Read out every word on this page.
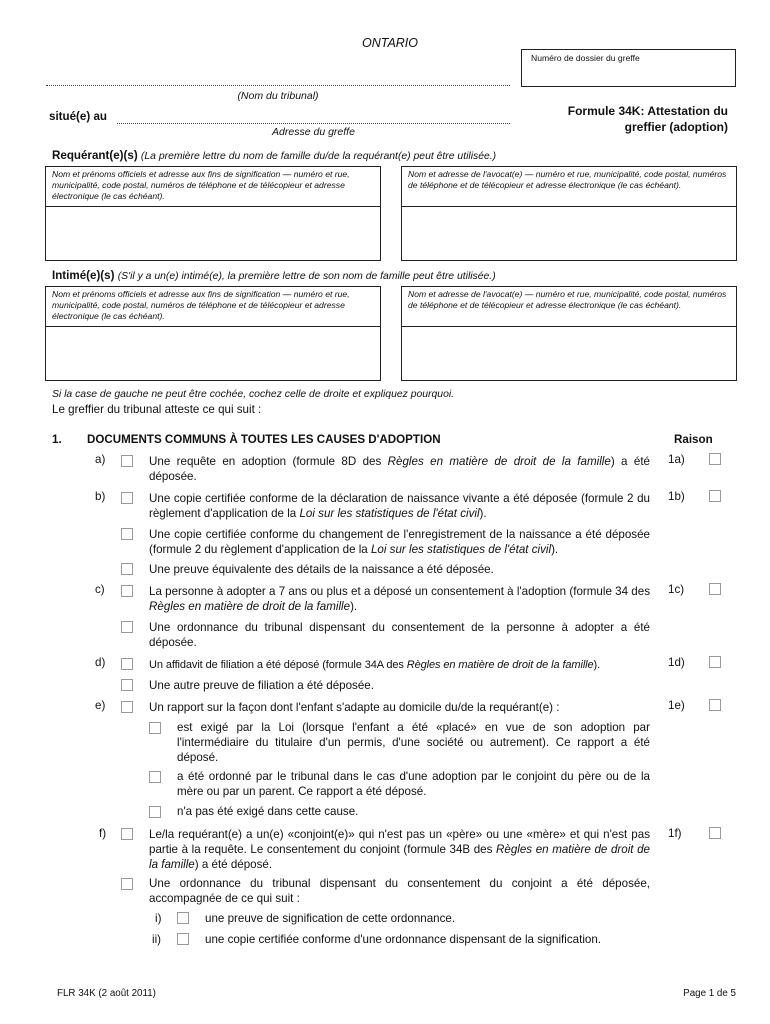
ONTARIO
Numéro de dossier du greffe
(Nom du tribunal)
situé(e) au
Adresse du greffe
Formule 34K: Attestation du
greffier (adoption)
Requérant(e)(s) (La première lettre du nom de famille du/de la requérant(e) peut être utilisée.)
Nom et prénoms officiels et adresse aux fins de signification — numéro et rue, municipalité, code postal, numéros de téléphone et de télécopieur et adresse électronique (le cas échéant).
Nom et adresse de l'avocat(e) — numéro et rue, municipalité, code postal, numéros de téléphone et de télécopieur et adresse électronique (le cas échéant).
Intimé(e)(s) (S'il y a un(e) intimé(e), la première lettre de son nom de famille peut être utilisée.)
Nom et prénoms officiels et adresse aux fins de signification — numéro et rue, municipalité, code postal, numéros de téléphone et de télécopieur et adresse électronique (le cas échéant).
Nom et adresse de l'avocat(e) — numéro et rue, municipalité, code postal, numéros de téléphone et de télécopieur et adresse électronique (le cas échéant).
Si la case de gauche ne peut être cochée, cochez celle de droite et expliquez pourquoi.
Le greffier du tribunal atteste ce qui suit :
1. DOCUMENTS COMMUNS À TOUTES LES CAUSES D'ADOPTION	Raison
a)	Une requête en adoption (formule 8D des Règles en matière de droit de la famille) a été déposée.
1a)
b)	Une copie certifiée conforme de la déclaration de naissance vivante a été déposée (formule 2 du règlement d'application de la Loi sur les statistiques de l'état civil).
1b)
Une copie certifiée conforme du changement de l'enregistrement de la naissance a été déposée (formule 2 du règlement d'application de la Loi sur les statistiques de l'état civil).
Une preuve équivalente des détails de la naissance a été déposée.
c)	La personne à adopter a 7 ans ou plus et a déposé un consentement à l'adoption (formule 34 des Règles en matière de droit de la famille).
1c)
Une ordonnance du tribunal dispensant du consentement de la personne à adopter a été déposée.
d)	Un affidavit de filiation a été déposé (formule 34A des Règles en matière de droit de la famille).	1d)
Une autre preuve de filiation a été déposée.
e)	Un rapport sur la façon dont l'enfant s'adapte au domicile du/de la requérant(e) :	1e)
est exigé par la Loi (lorsque l'enfant a été «placé» en vue de son adoption par l'intermédiaire du titulaire d'un permis, d'une société ou autrement). Ce rapport a été déposé.
a été ordonné par le tribunal dans le cas d'une adoption par le conjoint du père ou de la mère ou par un parent. Ce rapport a été déposé.
n'a pas été exigé dans cette cause.
f)	Le/la requérant(e) a un(e) «conjoint(e)» qui n'est pas un «père» ou une «mère» et qui n'est pas partie à la requête. Le consentement du conjoint (formule 34B des Règles en matière de droit de la famille) a été déposé.
1f)
Une ordonnance du tribunal dispensant du consentement du conjoint a été déposée, accompagnée de ce qui suit :
i)	une preuve de signification de cette ordonnance.
ii)	une copie certifiée conforme d'une ordonnance dispensant de la signification.
FLR 34K (2 août 2011)	Page 1 de 5
